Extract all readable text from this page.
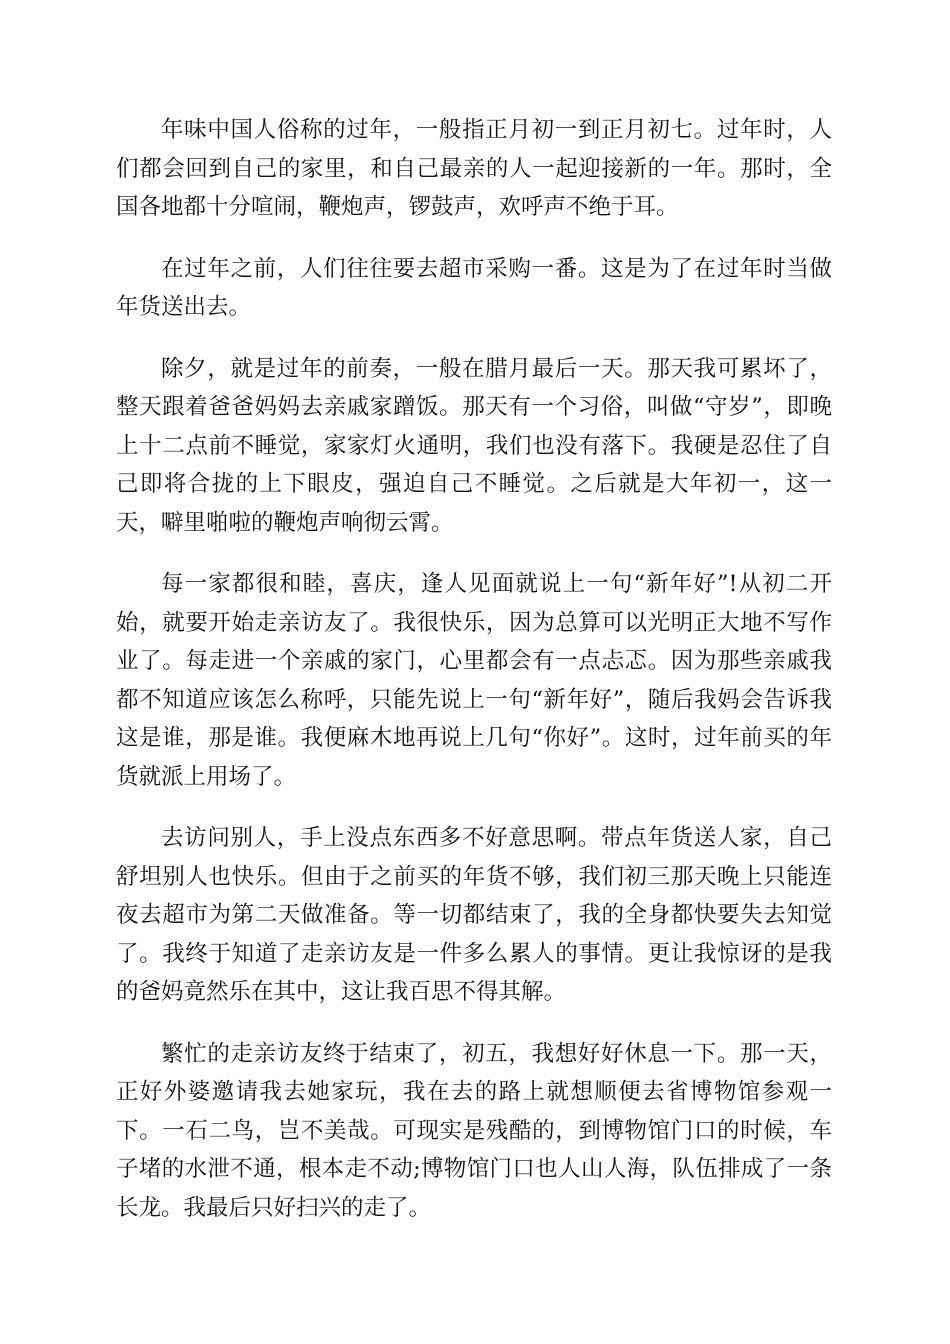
年味中国人俗称的过年，一般指正月初一到正月初七。过年时，人们都会回到自己的家里，和自己最亲的人一起迎接新的一年。那时，全国各地都十分喧闹，鞭炮声，锣鼓声，欢呼声不绝于耳。

在过年之前，人们往往要去超市采购一番。这是为了在过年时当做年货送出去。

除夕，就是过年的前奏，一般在腊月最后一天。那天我可累坏了，整天跟着爸爸妈妈去亲戚家蹭饭。那天有一个习俗，叫做“守岁”，即晚上十二点前不睡觉，家家灯火通明，我们也没有落下。我硬是忍住了自己即将合拢的上下眼皮，强迫自己不睡觉。之后就是大年初一，这一天，噼里啪啦的鞭炮声响彻云霄。

每一家都很和睦，喜庆，逢人见面就说上一句“新年好”!从初二开始，就要开始走亲访友了。我很快乐，因为总算可以光明正大地不写作业了。每走进一个亲戚的家门，心里都会有一点忐忑。因为那些亲戚我都不知道应该怎么称呼，只能先说上一句“新年好”，随后我妈会告诉我这是谁，那是谁。我便麻木地再说上几句“你好”。这时，过年前买的年货就派上用场了。

去访问别人，手上没点东西多不好意思啊。带点年货送人家，自己舒坦别人也快乐。但由于之前买的年货不够，我们初三那天晚上只能连夜去超市为第二天做准备。等一切都结束了，我的全身都快要失去知觉了。我终于知道了走亲访友是一件多么累人的事情。更让我惊讶的是我的爸妈竟然乐在其中，这让我百思不得其解。

繁忙的走亲访友终于结束了，初五，我想好好休息一下。那一天，正好外婆邀请我去她家玩，我在去的路上就想顺便去省博物馆参观一下。一石二鸟，岂不美哉。可现实是残酷的，到博物馆门口的时候，车子堵的水泄不通，根本走不动;博物馆门口也人山人海，队伍排成了一条长龙。我最后只好扫兴的走了。
